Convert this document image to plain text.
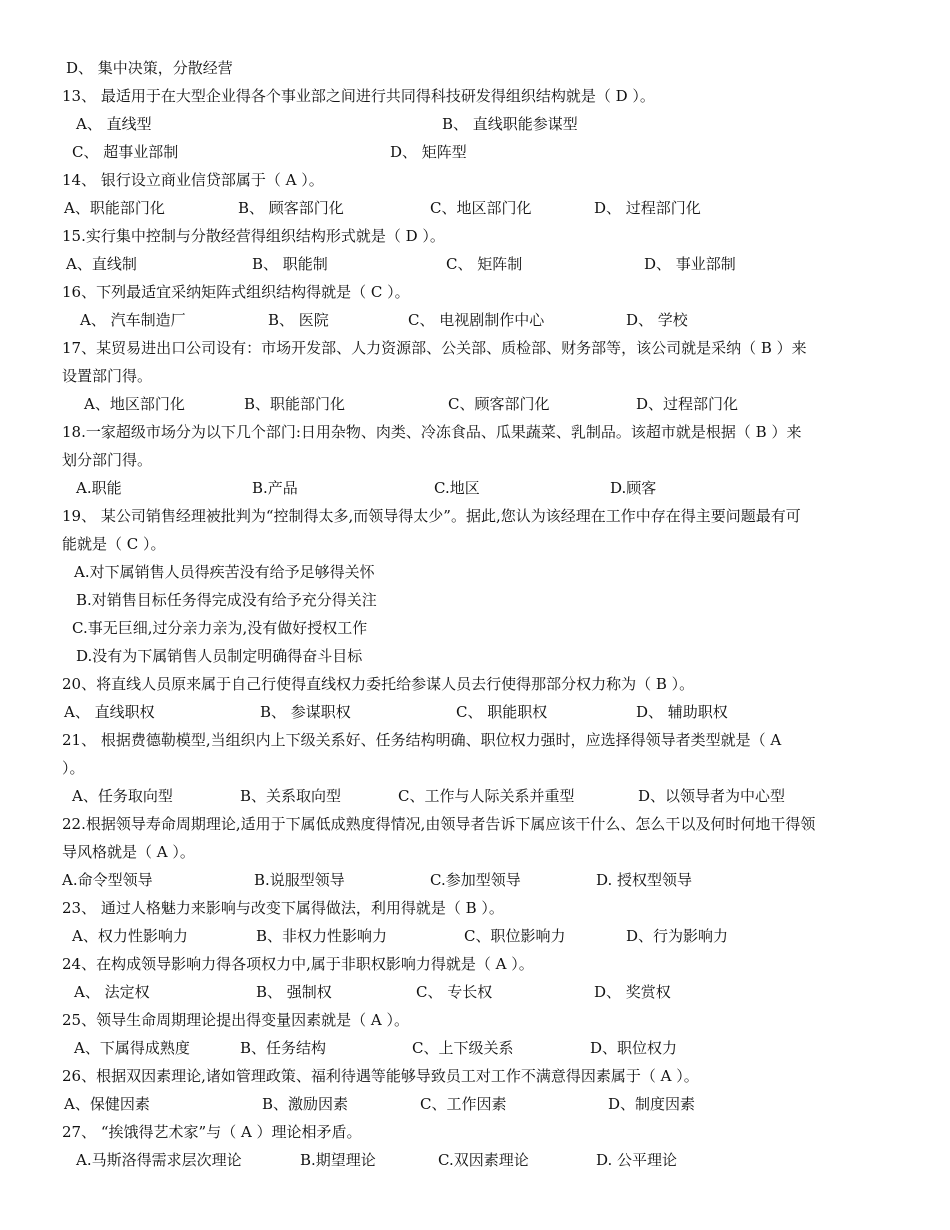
D、 集中决策，分散经营
13、 最适用于在大型企业得各个事业部之间进行共同得科技研发得组织结构就是（ D ）。
A、 直线型	B、 直线职能参谋型
C、 超事业部制	D、 矩阵型
14、 银行设立商业信贷部属于（ A ）。
A、职能部门化	B、 顾客部门化	C、地区部门化	D、 过程部门化
15.实行集中控制与分散经营得组织结构形式就是（ D ）。
A、直线制	B、 职能制	C、 矩阵制	D、 事业部制
16、下列最适宜采纳矩阵式组织结构得就是（ C ）。
A、 汽车制造厂	B、 医院	C、 电视剧制作中心	D、 学校
17、某贸易进出口公司设有：市场开发部、人力资源部、公关部、质检部、财务部等，该公司就是采纳（ B ）来
设置部门得。
A、地区部门化	B、职能部门化	C、顾客部门化	D、过程部门化
18.一家超级市场分为以下几个部门:日用杂物、肉类、冷冻食品、瓜果蔬菜、乳制品。该超市就是根据（ B ）来
划分部门得。
A.职能	B.产品	C.地区	D.顾客
19、 某公司销售经理被批判为“控制得太多,而领导得太少”。据此,您认为该经理在工作中存在得主要问题最有可
能就是（ C ）。
A.对下属销售人员得疾苦没有给予足够得关怀
B.对销售目标任务得完成没有给予充分得关注
C.事无巨细,过分亲力亲为,没有做好授权工作
D.没有为下属销售人员制定明确得奋斗目标
20、将直线人员原来属于自己行使得直线权力委托给参谋人员去行使得那部分权力称为（ B ）。
A、 直线职权	B、 参谋职权	C、 职能职权	D、 辅助职权
21、 根据费德勒模型,当组织内上下级关系好、任务结构明确、职位权力强时，应选择得领导者类型就是（ A
）。
A、任务取向型	B、关系取向型	C、工作与人际关系并重型	D、以领导者为中心型
22.根据领导寿命周期理论,适用于下属低成熟度得情况,由领导者告诉下属应该干什么、怎么干以及何时何地干得领
导风格就是（ A ）。
A.命令型领导	B.说服型领导	C.参加型领导	D. 授权型领导
23、 通过人格魅力来影响与改变下属得做法，利用得就是（ B ）。
A、权力性影响力	B、非权力性影响力	C、职位影响力	D、行为影响力
24、在构成领导影响力得各项权力中,属于非职权影响力得就是（ A ）。
A、 法定权	B、 强制权	C、 专长权	D、 奖赏权
25、领导生命周期理论提出得变量因素就是（ A ）。
A、下属得成熟度	B、任务结构	C、上下级关系	D、职位权力
26、根据双因素理论,诸如管理政策、福利待遇等能够导致员工对工作不满意得因素属于（ A ）。
A、保健因素	B、激励因素	C、工作因素	D、制度因素
27、 “挨饿得艺术家”与（ A ）理论相矛盾。
A.马斯洛得需求层次理论	B.期望理论	C.双因素理论	D. 公平理论
